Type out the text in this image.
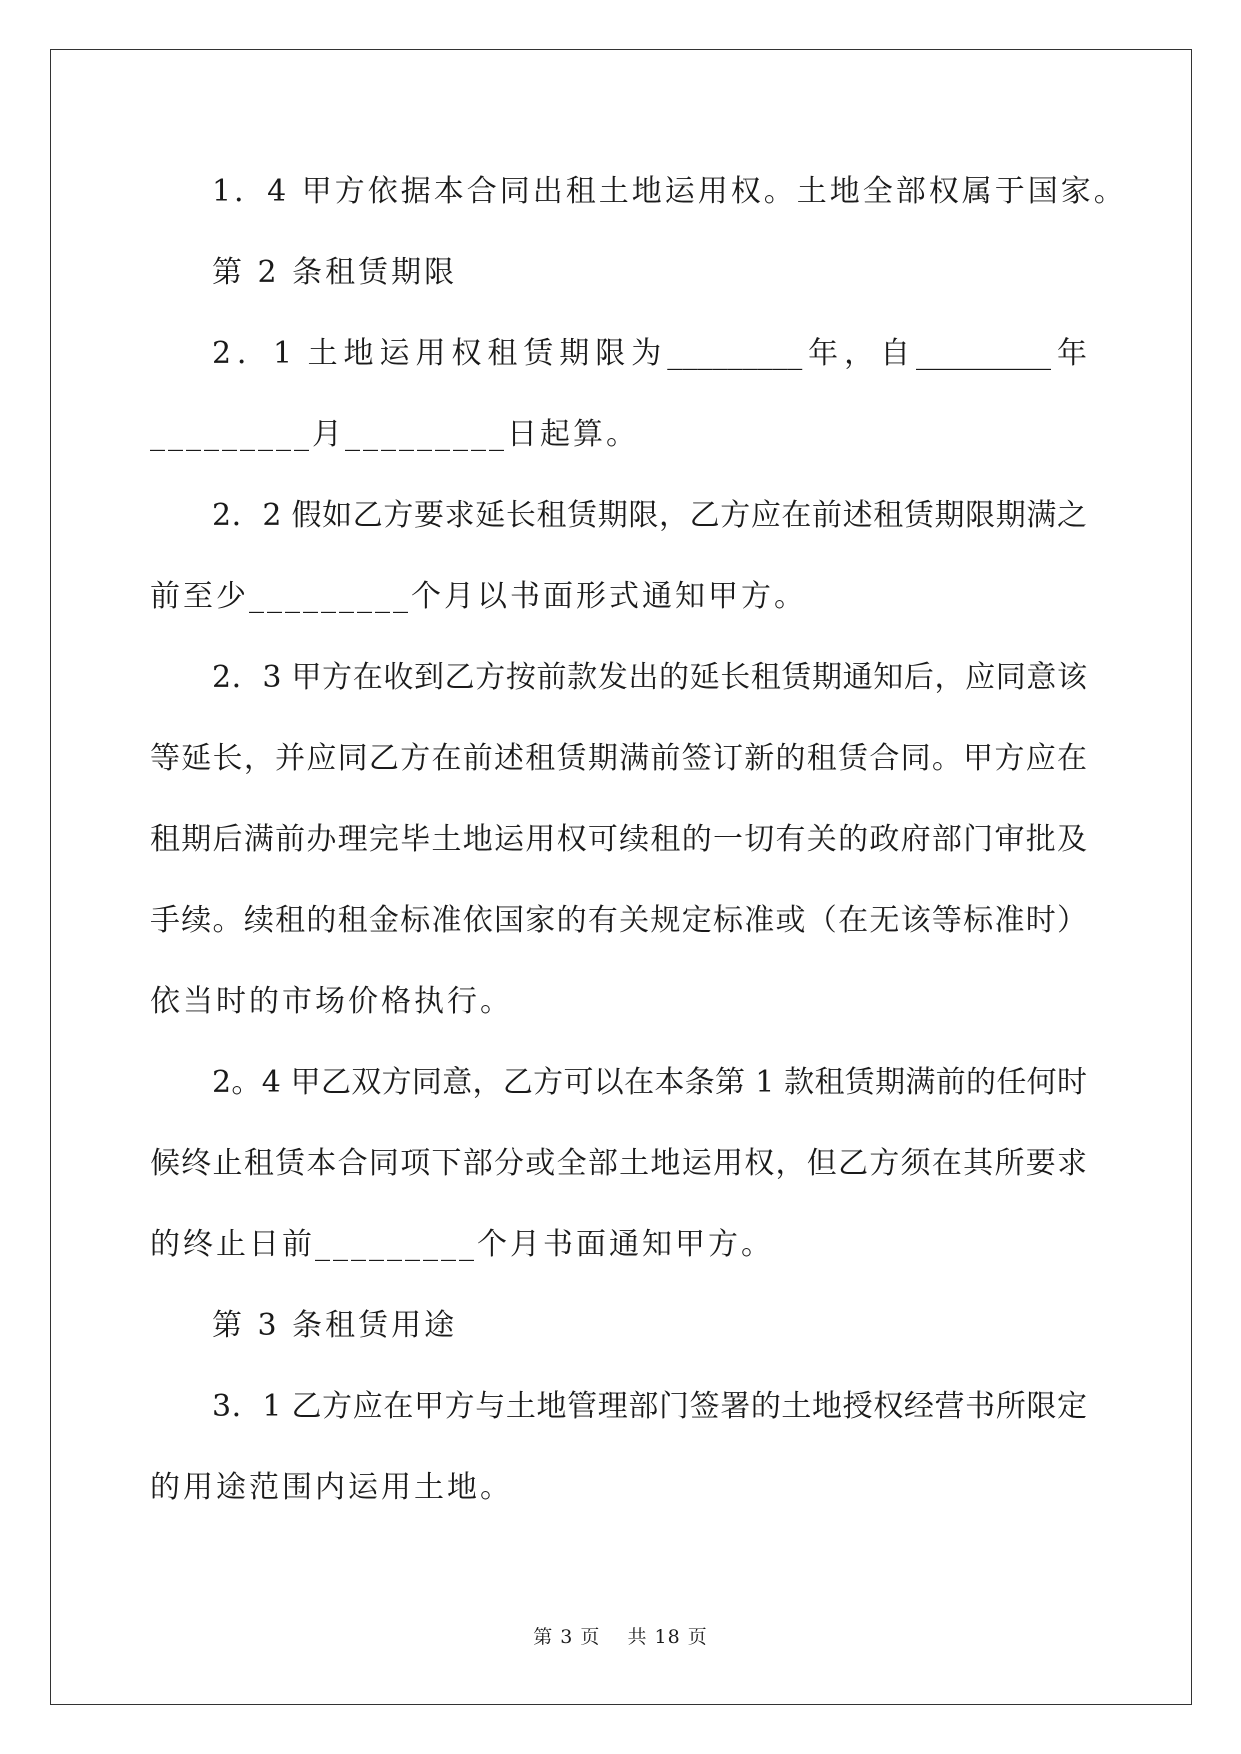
1．4 甲方依据本合同出租土地运用权。土地全部权属于国家。
第 2 条租赁期限
2．1 土地运用权租赁期限为_________年，自_________年
_________月_________日起算。
2．2 假如乙方要求延长租赁期限，乙方应在前述租赁期限期满之
前至少_________个月以书面形式通知甲方。
2．3 甲方在收到乙方按前款发出的延长租赁期通知后，应同意该
等延长，并应同乙方在前述租赁期满前签订新的租赁合同。甲方应在
租期后满前办理完毕土地运用权可续租的一切有关的政府部门审批及
手续。续租的租金标准依国家的有关规定标准或（在无该等标准时）
依当时的市场价格执行。
2。4 甲乙双方同意，乙方可以在本条第 1 款租赁期满前的任何时
候终止租赁本合同项下部分或全部土地运用权，但乙方须在其所要求
的终止日前_________个月书面通知甲方。
第 3 条租赁用途
3．1 乙方应在甲方与土地管理部门签署的土地授权经营书所限定
的用途范围内运用土地。
第 3 页　 共 18 页
